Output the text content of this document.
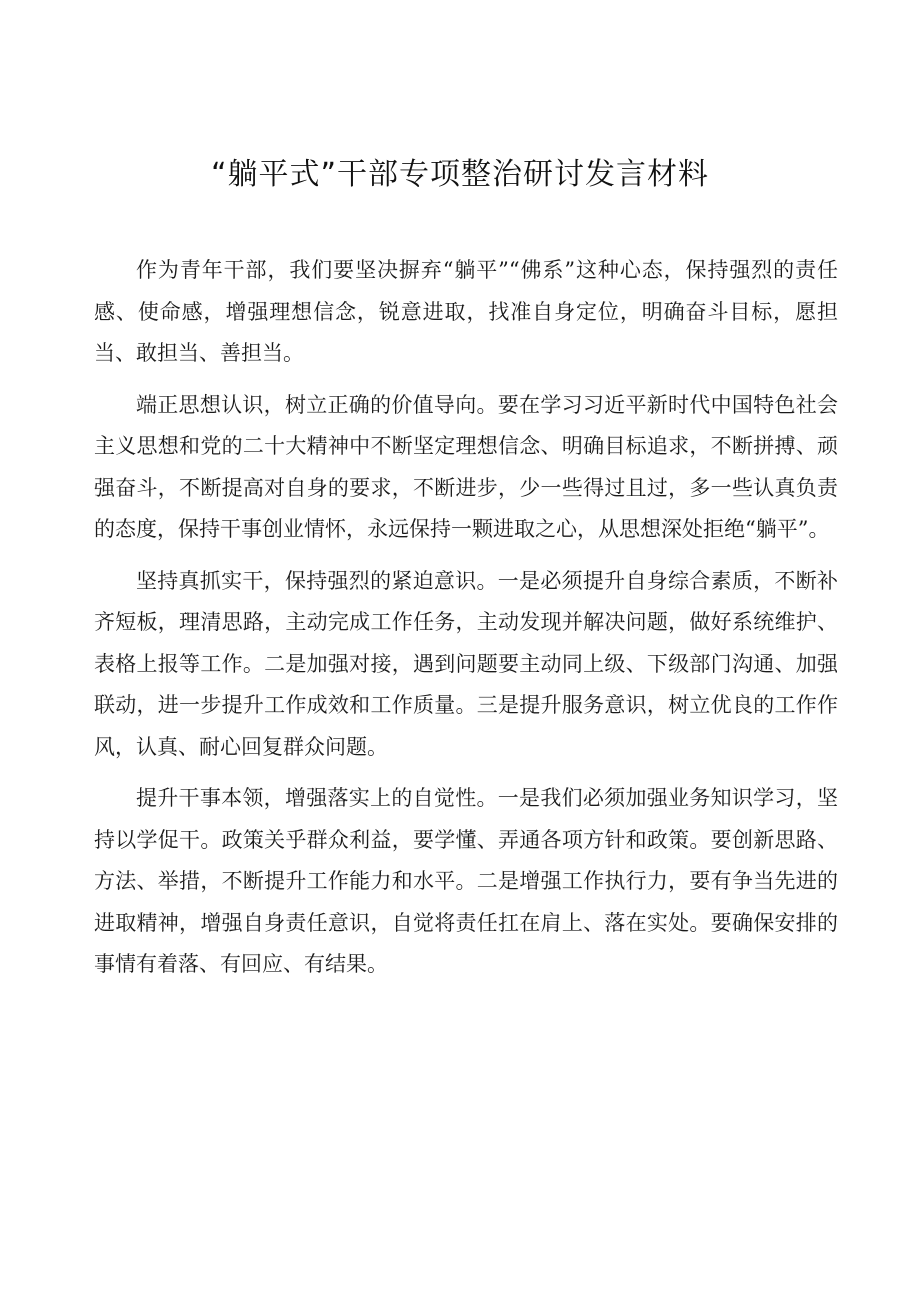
“躺平式”干部专项整治研讨发言材料

作为青年干部，我们要坚决摒弃“躺平”“佛系”这种心态，保持强烈的责任感、使命感，增强理想信念，锐意进取，找准自身定位，明确奋斗目标，愿担当、敢担当、善担当。

端正思想认识，树立正确的价值导向。要在学习习近平新时代中国特色社会主义思想和党的二十大精神中不断坚定理想信念、明确目标追求，不断拼搏、顽强奋斗，不断提高对自身的要求，不断进步，少一些得过且过，多一些认真负责的态度，保持干事创业情怀，永远保持一颗进取之心，从思想深处拒绝“躺平”。

坚持真抓实干，保持强烈的紧迫意识。一是必须提升自身综合素质，不断补齐短板，理清思路，主动完成工作任务，主动发现并解决问题，做好系统维护、表格上报等工作。二是加强对接，遇到问题要主动同上级、下级部门沟通、加强联动，进一步提升工作成效和工作质量。三是提升服务意识，树立优良的工作作风，认真、耐心回复群众问题。

提升干事本领，增强落实上的自觉性。一是我们必须加强业务知识学习，坚持以学促干。政策关乎群众利益，要学懂、弄通各项方针和政策。要创新思路、方法、举措，不断提升工作能力和水平。二是增强工作执行力，要有争当先进的进取精神，增强自身责任意识，自觉将责任扛在肩上、落在实处。要确保安排的事情有着落、有回应、有结果。
